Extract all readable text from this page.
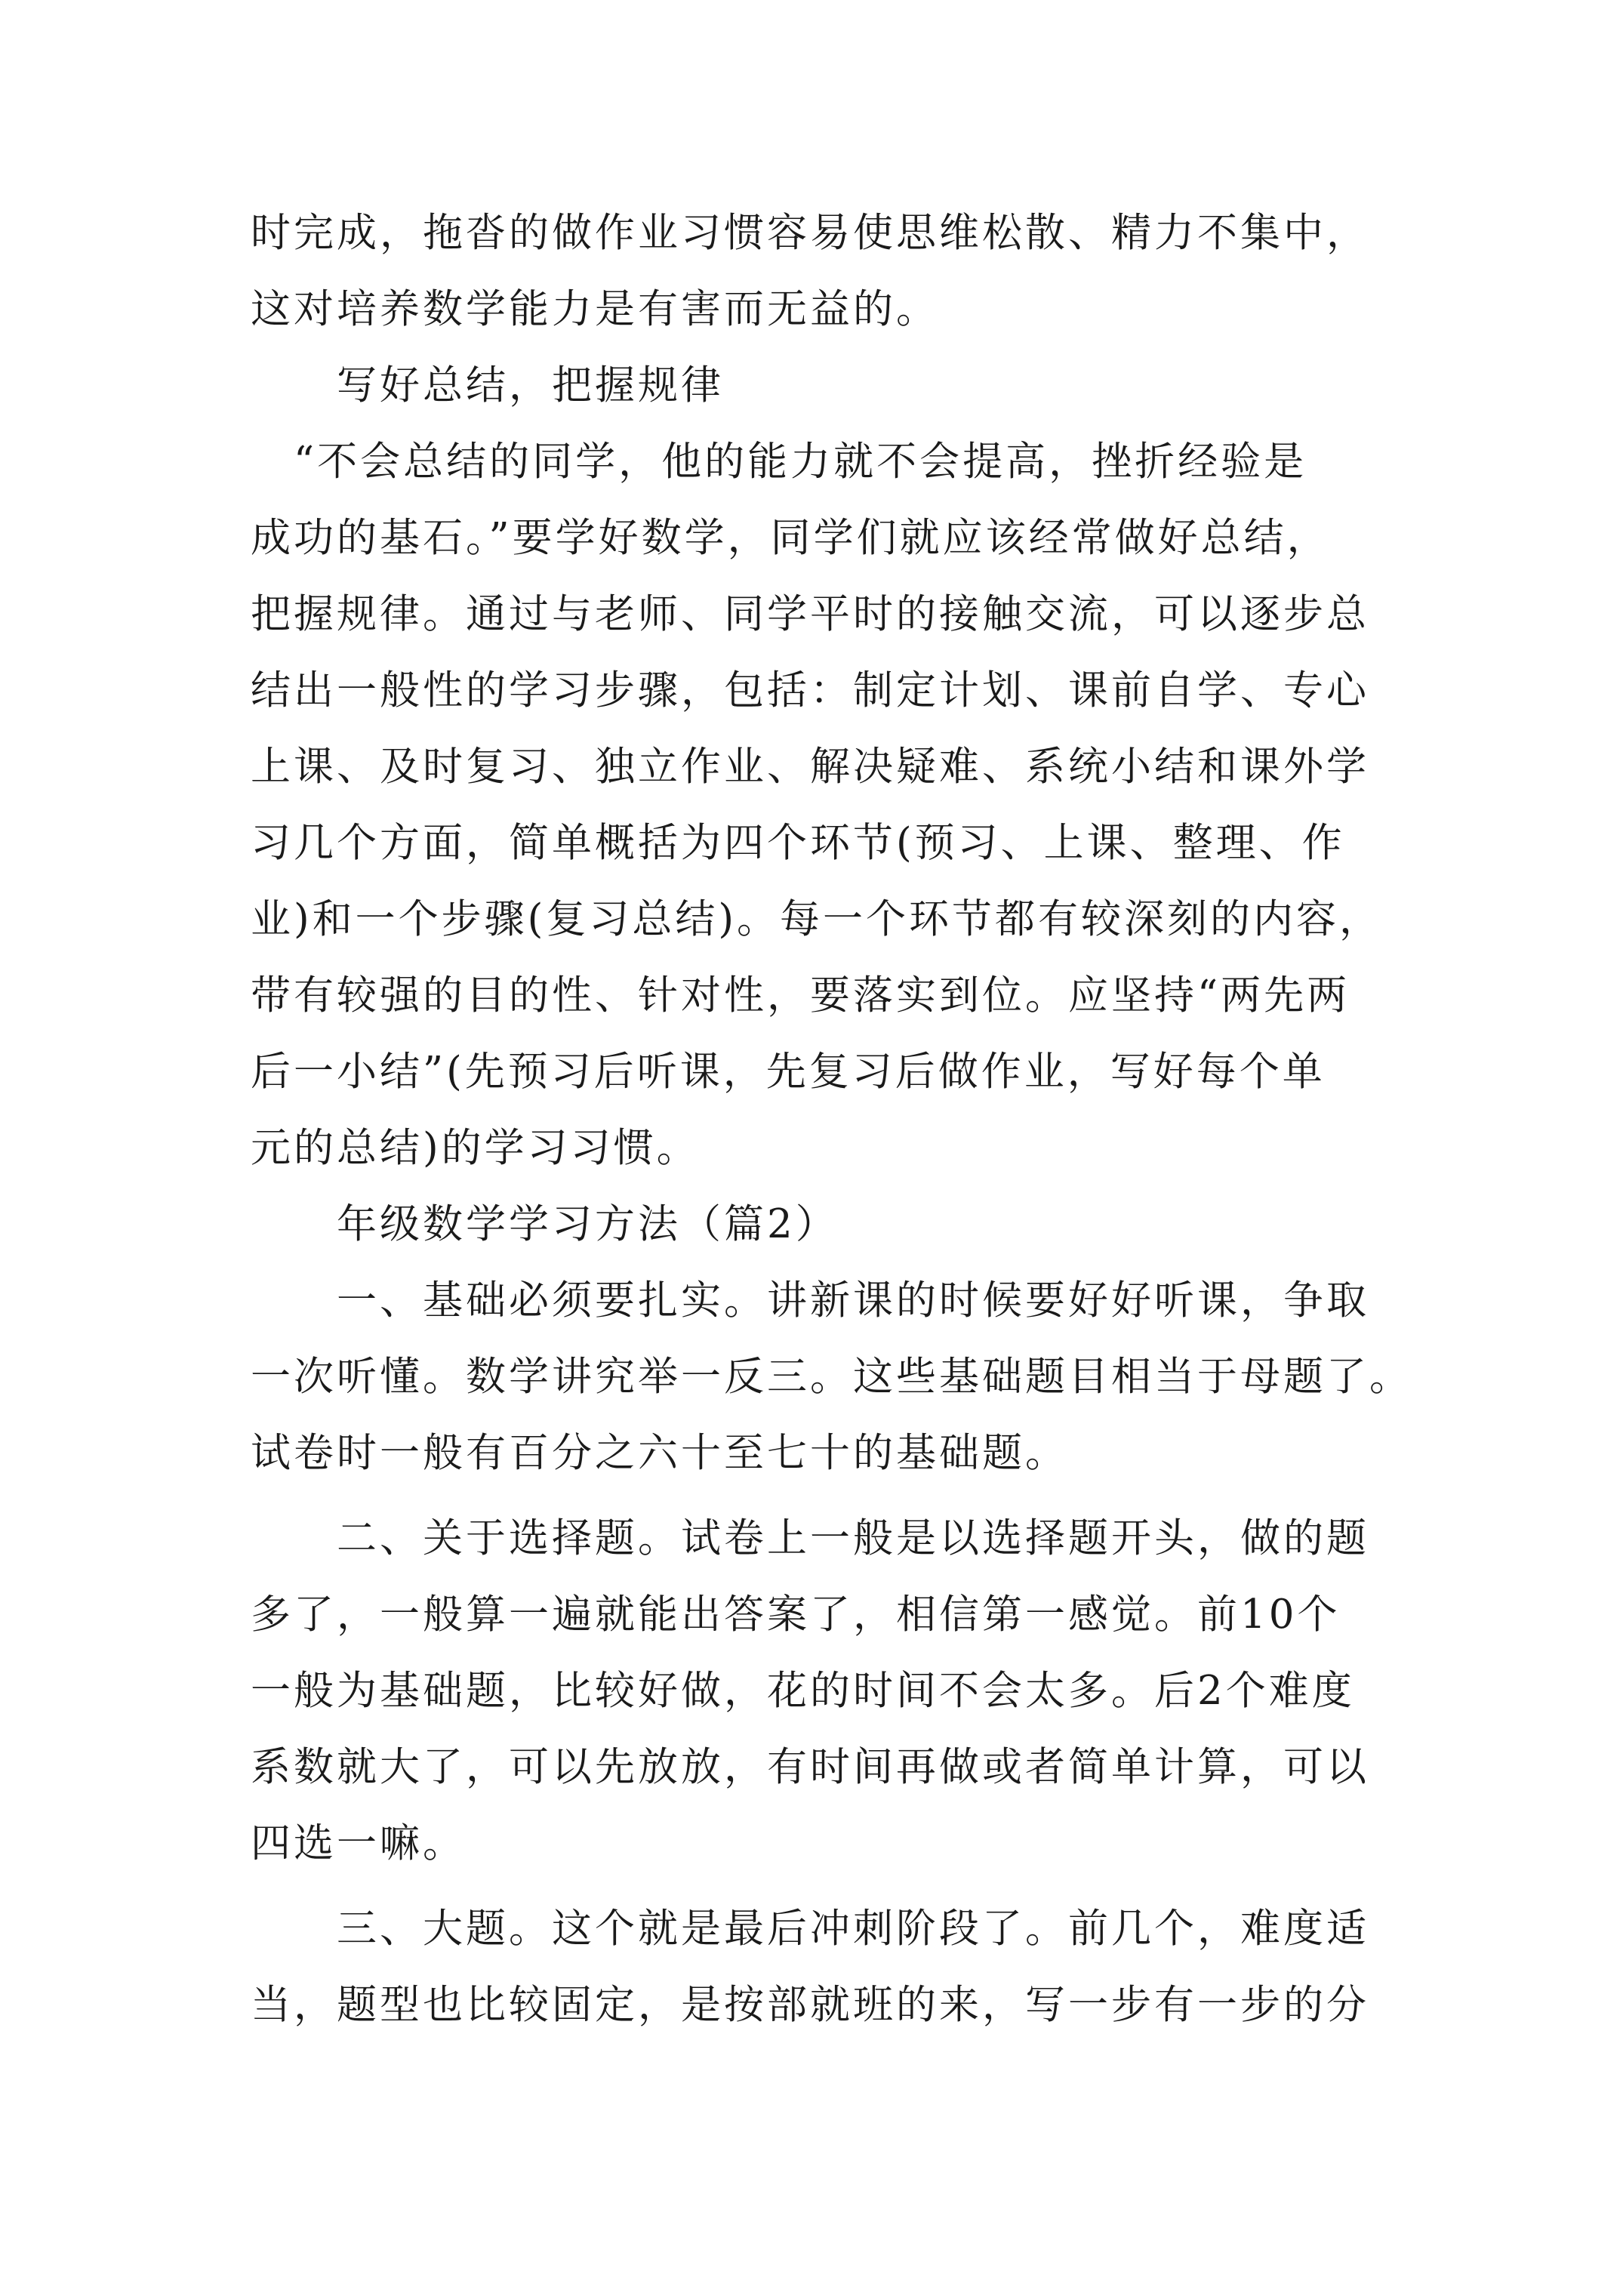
时完成，拖沓的做作业习惯容易使思维松散、精力不集中，
这对培养数学能力是有害而无益的。
　　写好总结，把握规律
　“不会总结的同学，他的能力就不会提高，挫折经验是
成功的基石。”要学好数学，同学们就应该经常做好总结，
把握规律。通过与老师、同学平时的接触交流，可以逐步总
结出一般性的学习步骤，包括：制定计划、课前自学、专心
上课、及时复习、独立作业、解决疑难、系统小结和课外学
习几个方面，简单概括为四个环节(预习、上课、整理、作
业)和一个步骤(复习总结)。每一个环节都有较深刻的内容，
带有较强的目的性、针对性，要落实到位。应坚持“两先两
后一小结”(先预习后听课，先复习后做作业，写好每个单
元的总结)的学习习惯。
　　年级数学学习方法（篇2）
　　一、基础必须要扎实。讲新课的时候要好好听课，争取
一次听懂。数学讲究举一反三。这些基础题目相当于母题了。
试卷时一般有百分之六十至七十的基础题。
　　二、关于选择题。试卷上一般是以选择题开头，做的题
多了，一般算一遍就能出答案了，相信第一感觉。前10个
一般为基础题，比较好做，花的时间不会太多。后2个难度
系数就大了，可以先放放，有时间再做或者简单计算，可以
四选一嘛。
　　三、大题。这个就是最后冲刺阶段了。前几个，难度适
当，题型也比较固定，是按部就班的来，写一步有一步的分
